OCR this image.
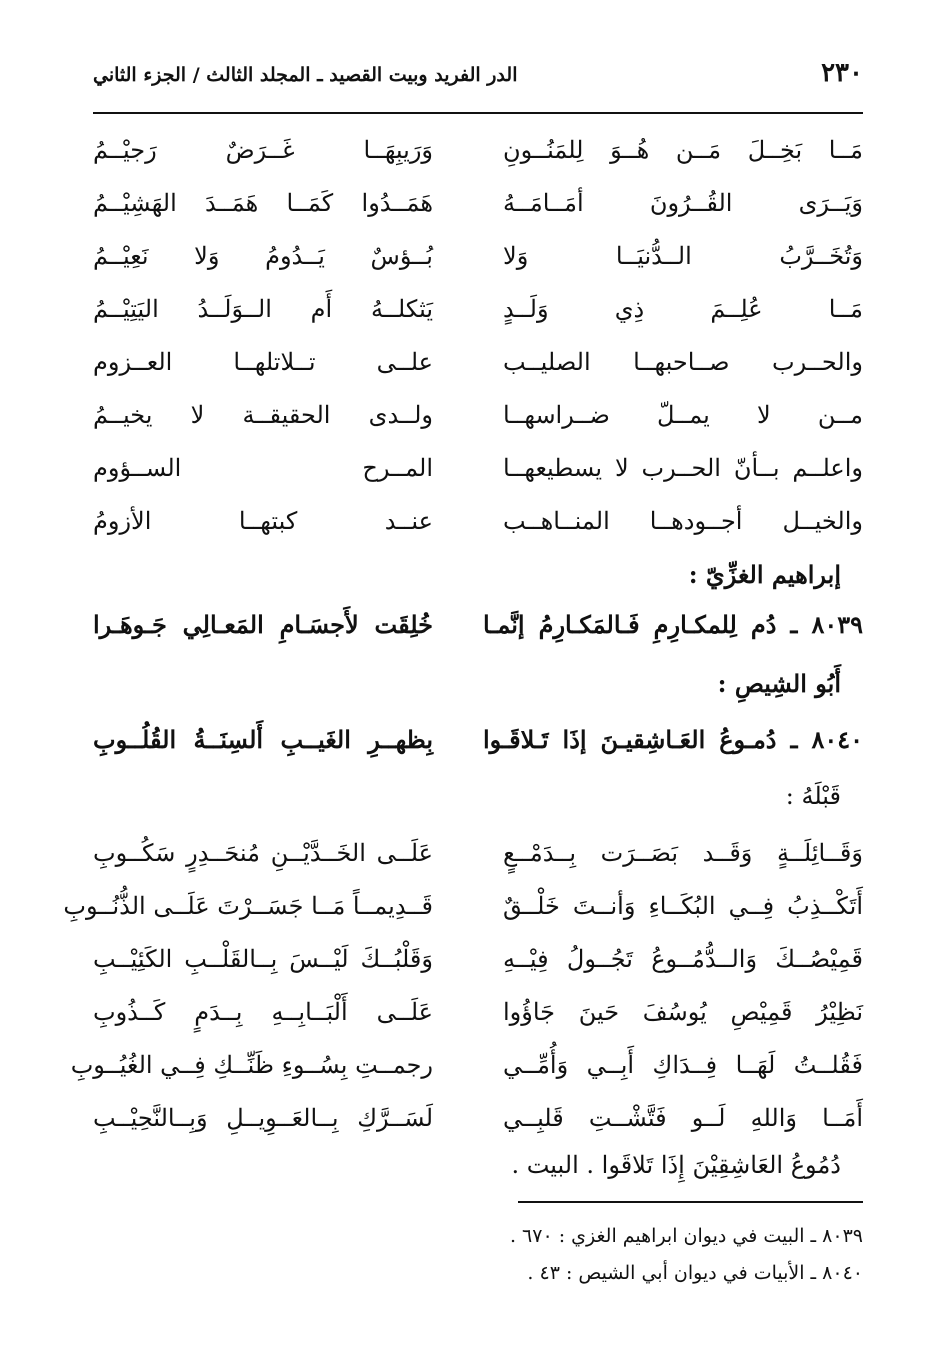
٢٣٠
الدر الفريد وبيت القصيد ـ المجلد الثالث / الجزء الثاني
مَــا بَخِــلَ مَــن هُــوَ لِلمَنُــونِ
وَرَيبِهَــا غَــرَضٌ رَجيْــمُ
وَيَــرَى القُــرُونَ أمَــامَــهُ
هَمَــدُوا كَمَــا هَمَــدَ الهَشِيْــمُ
وَتُخَــرَّبُ الــدُّنيَــا وَلا
بُــؤسٌ يَــدُومُ وَلا نَعِيْــمُ
مَــا عُلِــمَ ذِي وَلَــدٍ
يَثكلــهُ أَم الــوَلَــدُ اليَتِيْــمُ
والحــرب صــاحبهــا الصليــب
علــى تــلاتلهــا العــزوم
مــن لا يمــلّ ضــراسهــا
ولــدى الحقيقــة لا يخيــمُ
واعلــم بــأنّ الحــرب لا يسطيعهــا
المــرح الســؤوم
والخيــل أجــودهــا المنــاهــب
عنــد كبتهــا الأزومُ
إبراهيم الغزِّيّ :
٨٠٣٩ ـ دُم لِلمكـارِمِ فَـالمَكـارِمُ إنَّمـا
خُلِقَت لأَجسَـامِ المَعـالِي جَـوهَـرا
أَبُو الشِيصِ :
٨٠٤٠ ـ دُمـوعُ العَـاشِقيـنَ إذَا تَـلاقَـوا
بِظهــرِ الغَيــبِ أَلسِنَــةُ القُلُــوبِ
قَبْلَهُ :
وَقَــائِلَــةٍ وَقَــد بَصَــرَت بِــدَمْــعٍ
عَلَــى الخَــدَّيْــنِ مُنحَــدِرٍ سَكُــوبِ
أَتَكْــذِبُ فِــي البُكَــاءِ وَأنــتَ خَلْــقٌ
قَــدِيمــاً مَــا جَسَــرْتَ عَلَــى الذُّنُــوبِ
قَمِيْصُــكَ وَالــدُّمُــوعُ تَجُــولُ فِيْــهِ
وَقَلْبُــكَ لَيْــسَ بِــالقَلْــبِ الكَئِيْــبِ
نَظِيْرُ قَمِيْصِ يُوسُفَ حَينَ جَاؤُوا
عَلَــى أَلْبَــابِــهِ بِــدَمٍ كَــذُوبِ
فَقُلــتُ لَهَــا فِــدَاكِ أَبِــي وَأُمِّــي
رجمــتِ بِسُــوءِ ظَنِّــكِ فِــي الغُيُــوبِ
أَمَــا وَاللهِ لَــو فَتَّشْــتِ قَلبِــي
لَسَــرَّكِ بِــالعَــوِيــلِ وَبِــالنَّحِيْــبِ
دُمُوعُ العَاشِقِيْنَ إِذَا تَلاقَوا . البيت .
٨٠٣٩ ـ البيت في ديوان ابراهيم الغزي : ٦٧٠ .
٨٠٤٠ ـ الأبيات في ديوان أبي الشيص : ٤٣ .
